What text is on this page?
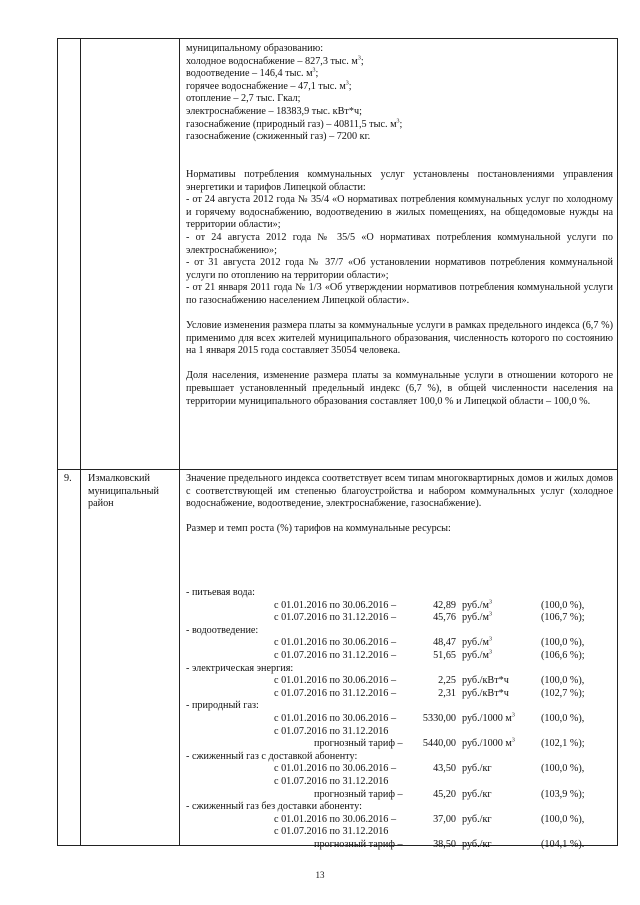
муниципальному образованию:

холодное водоснабжение – 827,3 тыс. $м^3$;

водоотведение – 146,4 тыс. $м^3$;

горячее водоснабжение – 47,1 тыс. $м^3$;

отопление – 2,7 тыс. Гкал;

электроснабжение – 18383,9 тыс. кВт*ч;

газоснабжение (природный газ) – 40811,5 тыс. $м^3$;

газоснабжение (сжиженный газ) – 7200 кг.

Нормативы потребления коммунальных услуг установлены постановлениями управления энергетики и тарифов Липецкой области:

- от 24 августа 2012 года № 35/4 «О нормативах потребления коммунальных услуг по холодному и горячему водоснабжению, водоотведению в жилых помещениях, на общедомовые нужды на территории области»;

- от 24 августа 2012 года № 35/5 «О нормативах потребления коммунальной услуги по электроснабжению»;

- от 31 августа 2012 года № 37/7 «Об установлении нормативов потребления коммунальной услуги по отоплению на территории области»;

- от 21 января 2011 года № 1/3 «Об утверждении нормативов потребления коммунальной услуги по газоснабжению населением Липецкой области».

Условие изменения размера платы за коммунальные услуги в рамках предельного индекса (6,7 %) применимо для всех жителей муниципального образования, численность которого по состоянию на 1 января 2015 года составляет 35054 человека.

Доля населения, изменение размера платы за коммунальные услуги в отношении которого не превышает установленный предельный индекс (6,7 %), в общей численности населения на территории муниципального образования составляет 100,0 % и Липецкой области – 100,0 %.

9. Измалковский муниципальный район

Значение предельного индекса соответствует всем типам многоквартирных домов и жилых домов с соответствующей им степенью благоустройства и набором коммунальных услуг (холодное водоснабжение, водоотведение, электроснабжение, газоснабжение).

Размер и темп роста (%) тарифов на коммунальные ресурсы:

- питьевая вода:
с 01.01.2016 по 30.06.2016 –	42,89 $руб./м^3$	(100,0 %),
с 01.07.2016 по 31.12.2016 –	45,76 $руб./м^3$	(106,7 %);
- водоотведение:
с 01.01.2016 по 30.06.2016 –	48,47 $руб./м^3$	(100,0 %),
с 01.07.2016 по 31.12.2016 –	51,65 $руб./м^3$	(106,6 %);
- электрическая энергия:
с 01.01.2016 по 30.06.2016 –	2,25 руб./кВт*ч	(100,0 %),
с 01.07.2016 по 31.12.2016 –	2,31 руб./кВт*ч	(102,7 %);
- природный газ:
с 01.01.2016 по 30.06.2016 –	5330,00 руб./1000 $м^3$	(100,0 %),
с 01.07.2016 по 31.12.2016
прогнозный тариф –	5440,00 руб./1000 $м^3$	(102,1 %);
- сжиженный газ с доставкой абоненту:
с 01.01.2016 по 30.06.2016 –	43,50 руб./кг	(100,0 %),
с 01.07.2016 по 31.12.2016
прогнозный тариф –	45,20 руб./кг	(103,9 %);
- сжиженный газ без доставки абоненту:
с 01.01.2016 по 30.06.2016 –	37,00 руб./кг	(100,0 %),
с 01.07.2016 по 31.12.2016
прогнозный тариф –	38,50 руб./кг	(104,1 %).
13
